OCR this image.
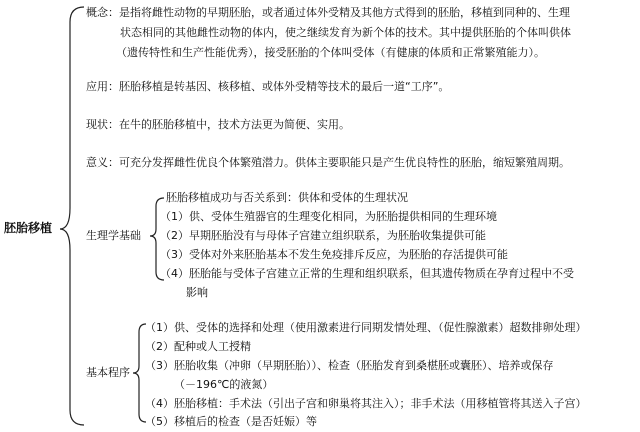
胚胎移植
概念：是指将雌性动物的早期胚胎，或者通过体外受精及其他方式得到的胚胎，移植到同种的、生理
状态相同的其他雌性动物的体内，使之继续发育为新个体的技术。其中提供胚胎的个体叫供体
（遗传特性和生产性能优秀），接受胚胎的个体叫受体（有健康的体质和正常繁殖能力）。
应用：胚胎移植是转基因、核移植、或体外受精等技术的最后一道“工序”。
现状：在牛的胚胎移植中，技术方法更为简便、实用。
意义：可充分发挥雌性优良个体繁殖潜力。供体主要职能只是产生优良特性的胚胎，缩短繁殖周期。
生理学基础
胚胎移植成功与否关系到：供体和受体的生理状况
（1）供、受体生殖器官的生理变化相同，为胚胎提供相同的生理环境
（2）早期胚胎没有与母体子宫建立组织联系，为胚胎收集提供可能
（3）受体对外来胚胎基本不发生免疫排斥反应，为胚胎的存活提供可能
（4）胚胎能与受体子宫建立正常的生理和组织联系，但其遗传物质在孕育过程中不受
影响
基本程序
（1）供、受体的选择和处理（使用激素进行同期发情处理、（促性腺激素）超数排卵处理）
（2）配种或人工授精
（3）胚胎收集（冲卵（早期胚胎））、检查（胚胎发育到桑椹胚或囊胚）、培养或保存
（－196℃的液氮）
（4）胚胎移植：手术法（引出子宫和卵巢将其注入）；非手术法（用移植管将其送入子宫）
（5）移植后的检查（是否妊娠）等
